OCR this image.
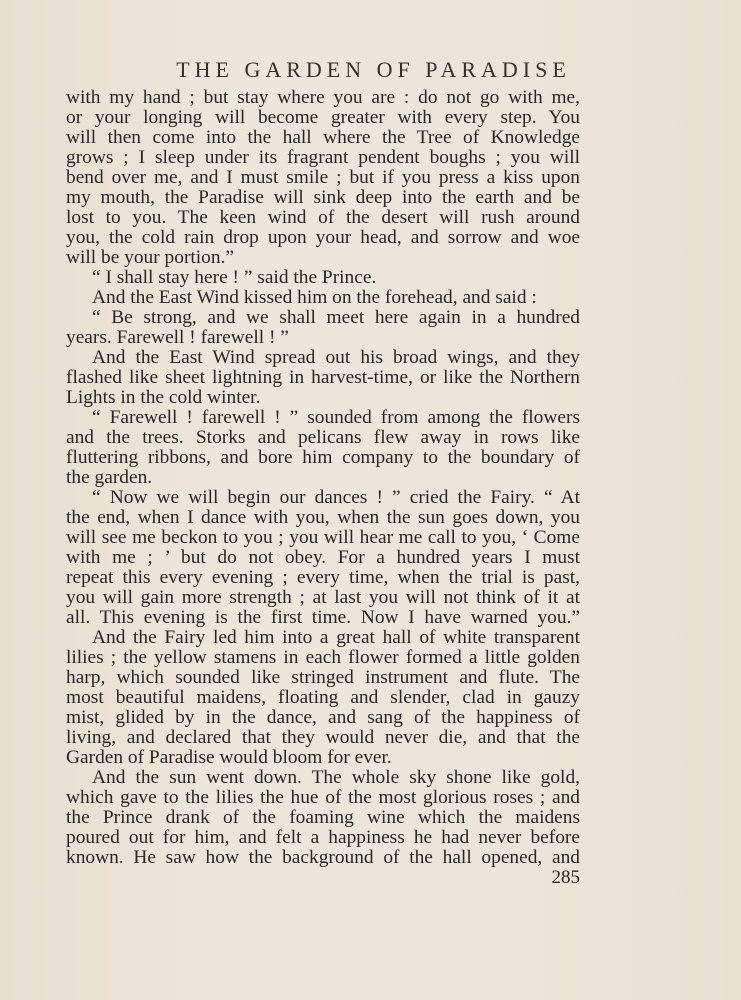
THE GARDEN OF PARADISE
with my hand ; but stay where you are : do not go with me,
or your longing will become greater with every step. You
will then come into the hall where the Tree of Knowledge
grows ; I sleep under its fragrant pendent boughs ; you will
bend over me, and I must smile ; but if you press a kiss upon
my mouth, the Paradise will sink deep into the earth and be
lost to you. The keen wind of the desert will rush around
you, the cold rain drop upon your head, and sorrow and woe
will be your portion.”
“ I shall stay here ! ” said the Prince.
And the East Wind kissed him on the forehead, and said :
“ Be strong, and we shall meet here again in a hundred
years. Farewell ! farewell ! ”
And the East Wind spread out his broad wings, and they
flashed like sheet lightning in harvest-time, or like the Northern
Lights in the cold winter.
“ Farewell ! farewell ! ” sounded from among the flowers
and the trees. Storks and pelicans flew away in rows like
fluttering ribbons, and bore him company to the boundary of
the garden.
“ Now we will begin our dances ! ” cried the Fairy. “ At
the end, when I dance with you, when the sun goes down, you
will see me beckon to you ; you will hear me call to you, ‘ Come
with me ; ’ but do not obey. For a hundred years I must
repeat this every evening ; every time, when the trial is past,
you will gain more strength ; at last you will not think of it at
all. This evening is the first time. Now I have warned you.”
And the Fairy led him into a great hall of white transparent
lilies ; the yellow stamens in each flower formed a little golden
harp, which sounded like stringed instrument and flute. The
most beautiful maidens, floating and slender, clad in gauzy
mist, glided by in the dance, and sang of the happiness of
living, and declared that they would never die, and that the
Garden of Paradise would bloom for ever.
And the sun went down. The whole sky shone like gold,
which gave to the lilies the hue of the most glorious roses ; and
the Prince drank of the foaming wine which the maidens
poured out for him, and felt a happiness he had never before
known. He saw how the background of the hall opened, and
285
